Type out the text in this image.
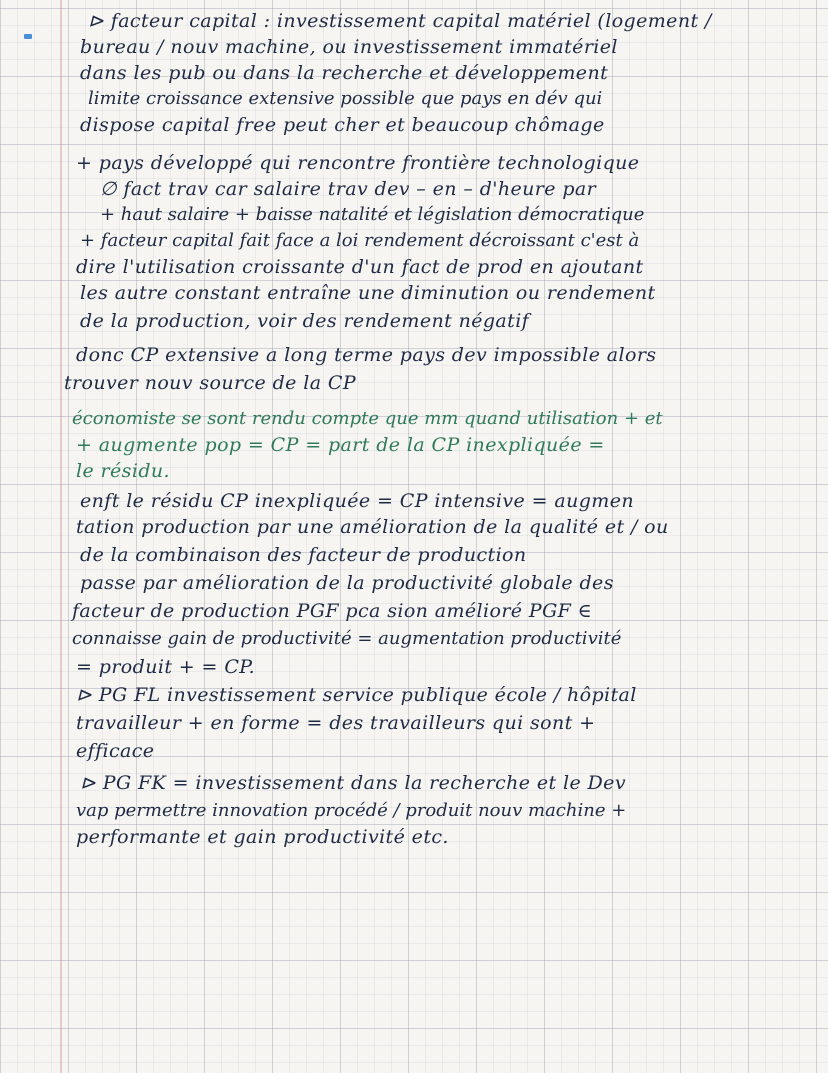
⊳ facteur capital : investissement capital matériel (logement /
bureau / nouv machine, ou investissement immatériel
dans les pub ou dans la recherche et développement
limite croissance extensive possible que pays en dév qui
dispose capital free peut cher et beaucoup chômage
+ pays développé qui rencontre frontière technologique
∅ fact trav car salaire trav dev – en – d'heure par
+ haut salaire + baisse natalité et législation démocratique
+ facteur capital fait face a loi rendement décroissant c'est à
dire l'utilisation croissante d'un fact de prod en ajoutant
les autre constant entraîne une diminution ou rendement
de la production, voir des rendement négatif
donc CP extensive a long terme pays dev impossible alors
trouver nouv source de la CP
économiste se sont rendu compte que mm quand utilisation + et
+ augmente pop = CP = part de la CP inexpliquée =
le résidu.
enft le résidu CP inexpliquée = CP intensive = augmen
tation production par une amélioration de la qualité et / ou
de la combinaison des facteur de production
passe par amélioration de la productivité globale des
facteur de production PGF pca sion amélioré PGF ∈
connaisse gain de productivité = augmentation productivité
= produit + = CP.
⊳ PG FL investissement service publique école / hôpital
travailleur + en forme = des travailleurs qui sont +
efficace
⊳ PG FK = investissement dans la recherche et le Dev
vap permettre innovation procédé / produit nouv machine +
performante et gain productivité etc.
